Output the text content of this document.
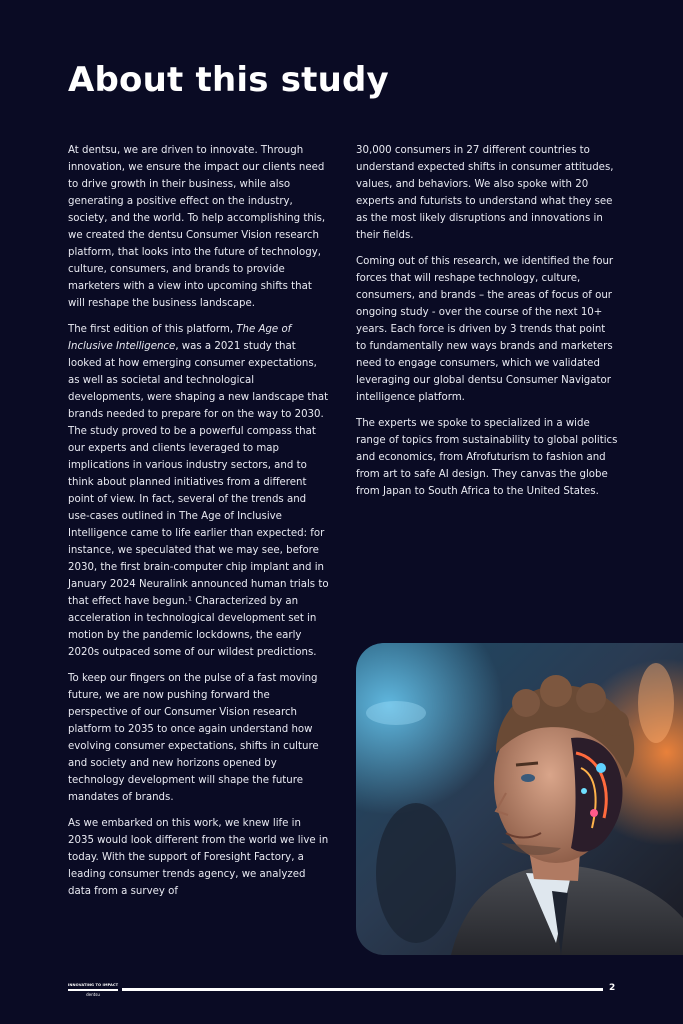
About this study

At dentsu, we are driven to innovate. Through innovation, we ensure the impact our clients need to drive growth in their business, while also generating a positive effect on the industry, society, and the world. To help accomplishing this, we created the dentsu Consumer Vision research platform, that looks into the future of technology, culture, consumers, and brands to provide marketers with a view into upcoming shifts that will reshape the business landscape.

The first edition of this platform, The Age of Inclusive Intelligence, was a 2021 study that looked at how emerging consumer expectations, as well as societal and technological developments, were shaping a new landscape that brands needed to prepare for on the way to 2030. The study proved to be a powerful compass that our experts and clients leveraged to map implications in various industry sectors, and to think about planned initiatives from a different point of view. In fact, several of the trends and use-cases outlined in The Age of Inclusive Intelligence came to life earlier than expected: for instance, we speculated that we may see, before 2030, the first brain-computer chip implant and in January 2024 Neuralink announced human trials to that effect have begun.¹ Characterized by an acceleration in technological development set in motion by the pandemic lockdowns, the early 2020s outpaced some of our wildest predictions.

To keep our fingers on the pulse of a fast moving future, we are now pushing forward the perspective of our Consumer Vision research platform to 2035 to once again understand how evolving consumer expectations, shifts in culture and society and new horizons opened by technology development will shape the future mandates of brands.

As we embarked on this work, we knew life in 2035 would look different from the world we live in today. With the support of Foresight Factory, a leading consumer trends agency, we analyzed data from a survey of

30,000 consumers in 27 different countries to understand expected shifts in consumer attitudes, values, and behaviors. We also spoke with 20 experts and futurists to understand what they see as the most likely disruptions and innovations in their fields.

Coming out of this research, we identified the four forces that will reshape technology, culture, consumers, and brands – the areas of focus of our ongoing study - over the course of the next 10+ years. Each force is driven by 3 trends that point to fundamentally new ways brands and marketers need to engage consumers, which we validated leveraging our global dentsu Consumer Navigator intelligence platform.

The experts we spoke to specialized in a wide range of topics from sustainability to global politics and economics, from Afrofuturism to fashion and from art to safe AI design. They canvas the globe from Japan to South Africa to the United States.

INNOVATING TO IMPACT
dentsu
2
